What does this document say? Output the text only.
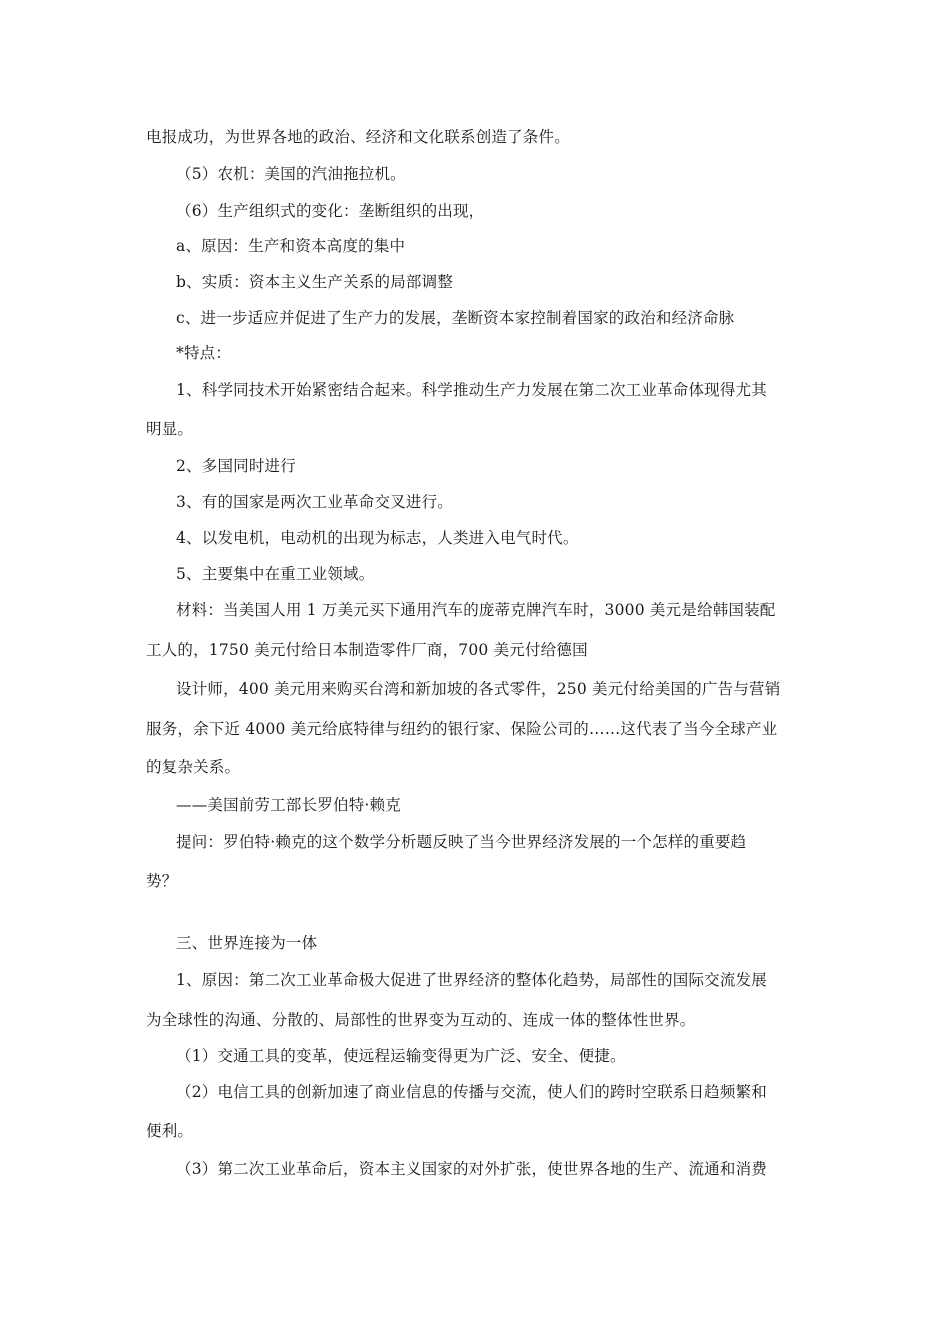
电报成功，为世界各地的政治、经济和文化联系创造了条件。
（5）农机：美国的汽油拖拉机。
（6）生产组织式的变化：垄断组织的出现，
a、原因：生产和资本高度的集中
b、实质：资本主义生产关系的局部调整
c、进一步适应并促进了生产力的发展，垄断资本家控制着国家的政治和经济命脉
*特点：
1、科学同技术开始紧密结合起来。科学推动生产力发展在第二次工业革命体现得尤其
明显。
2、多国同时进行
3、有的国家是两次工业革命交叉进行。
4、以发电机，电动机的出现为标志，人类进入电气时代。
5、主要集中在重工业领域。
材料：当美国人用 1 万美元买下通用汽车的庞蒂克牌汽车时，3000 美元是给韩国装配
工人的，1750 美元付给日本制造零件厂商，700 美元付给德国
设计师，400 美元用来购买台湾和新加坡的各式零件，250 美元付给美国的广告与营销
服务，余下近 4000 美元给底特律与纽约的银行家、保险公司的……这代表了当今全球产业
的复杂关系。
——美国前劳工部长罗伯特·赖克
提问：罗伯特·赖克的这个数学分析题反映了当今世界经济发展的一个怎样的重要趋
势？
三、世界连接为一体
1、原因：第二次工业革命极大促进了世界经济的整体化趋势，局部性的国际交流发展
为全球性的沟通、分散的、局部性的世界变为互动的、连成一体的整体性世界。
（1）交通工具的变革，使远程运输变得更为广泛、安全、便捷。
（2）电信工具的创新加速了商业信息的传播与交流，使人们的跨时空联系日趋频繁和
便利。
（3）第二次工业革命后，资本主义国家的对外扩张，使世界各地的生产、流通和消费
